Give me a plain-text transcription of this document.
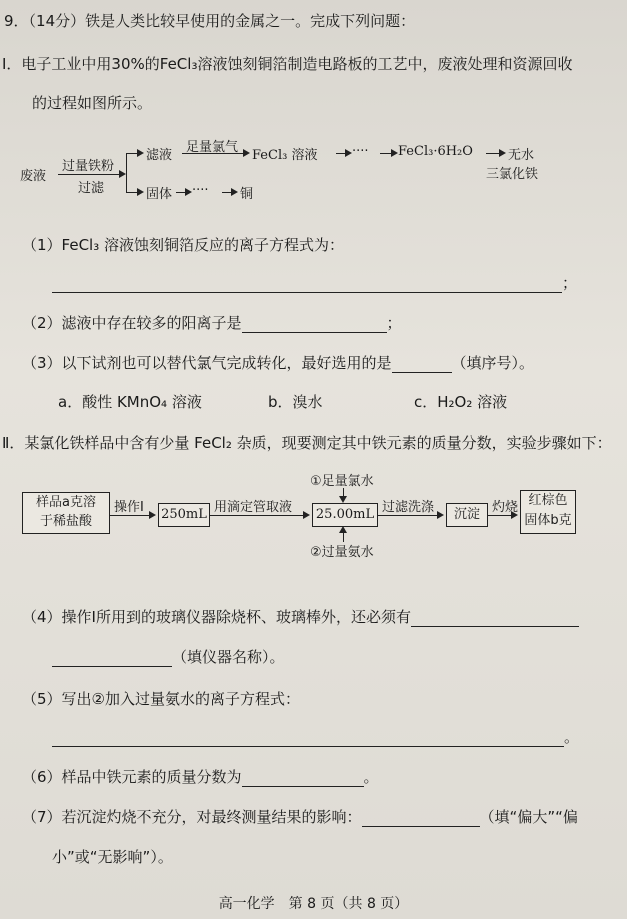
9．（14分）铁是人类比较早使用的金属之一。完成下列问题：
Ⅰ．电子工业中用30%的FeCl₃溶液蚀刻铜箔制造电路板的工艺中，废液处理和资源回收
的过程如图所示。
废液
过量铁粉
过滤
滤液
足量氯气
FeCl₃ 溶液	···· FeCl₃·6H₂O	无水
三氯化铁
固体 ···· 铜
（1）FeCl₃ 溶液蚀刻铜箔反应的离子方程式为：
；
（2）滤液中存在较多的阳离子是	；
（3）以下试剂也可以替代氯气完成转化，最好选用的是	（填序号）。
a．酸性 KMnO₄ 溶液	b．溴水	c．H₂O₂ 溶液
Ⅱ．某氯化铁样品中含有少量 FeCl₂ 杂质，现要测定其中铁元素的质量分数，实验步骤如下：
样品a克溶
于稀盐酸
操作Ⅰ 250mL 用滴定管取液	25.00mL
①足量氯水
②过量氨水
过滤洗涤	沉淀 灼烧 红棕色
固体b克
（4）操作Ⅰ所用到的玻璃仪器除烧杯、玻璃棒外，还必须有
（填仪器名称）。
（5）写出②加入过量氨水的离子方程式：
。
（6）样品中铁元素的质量分数为	。
（7）若沉淀灼烧不充分，对最终测量结果的影响：	（填“偏大”“偏
小”或“无影响”）。
高一化学　第 8 页（共 8 页）
